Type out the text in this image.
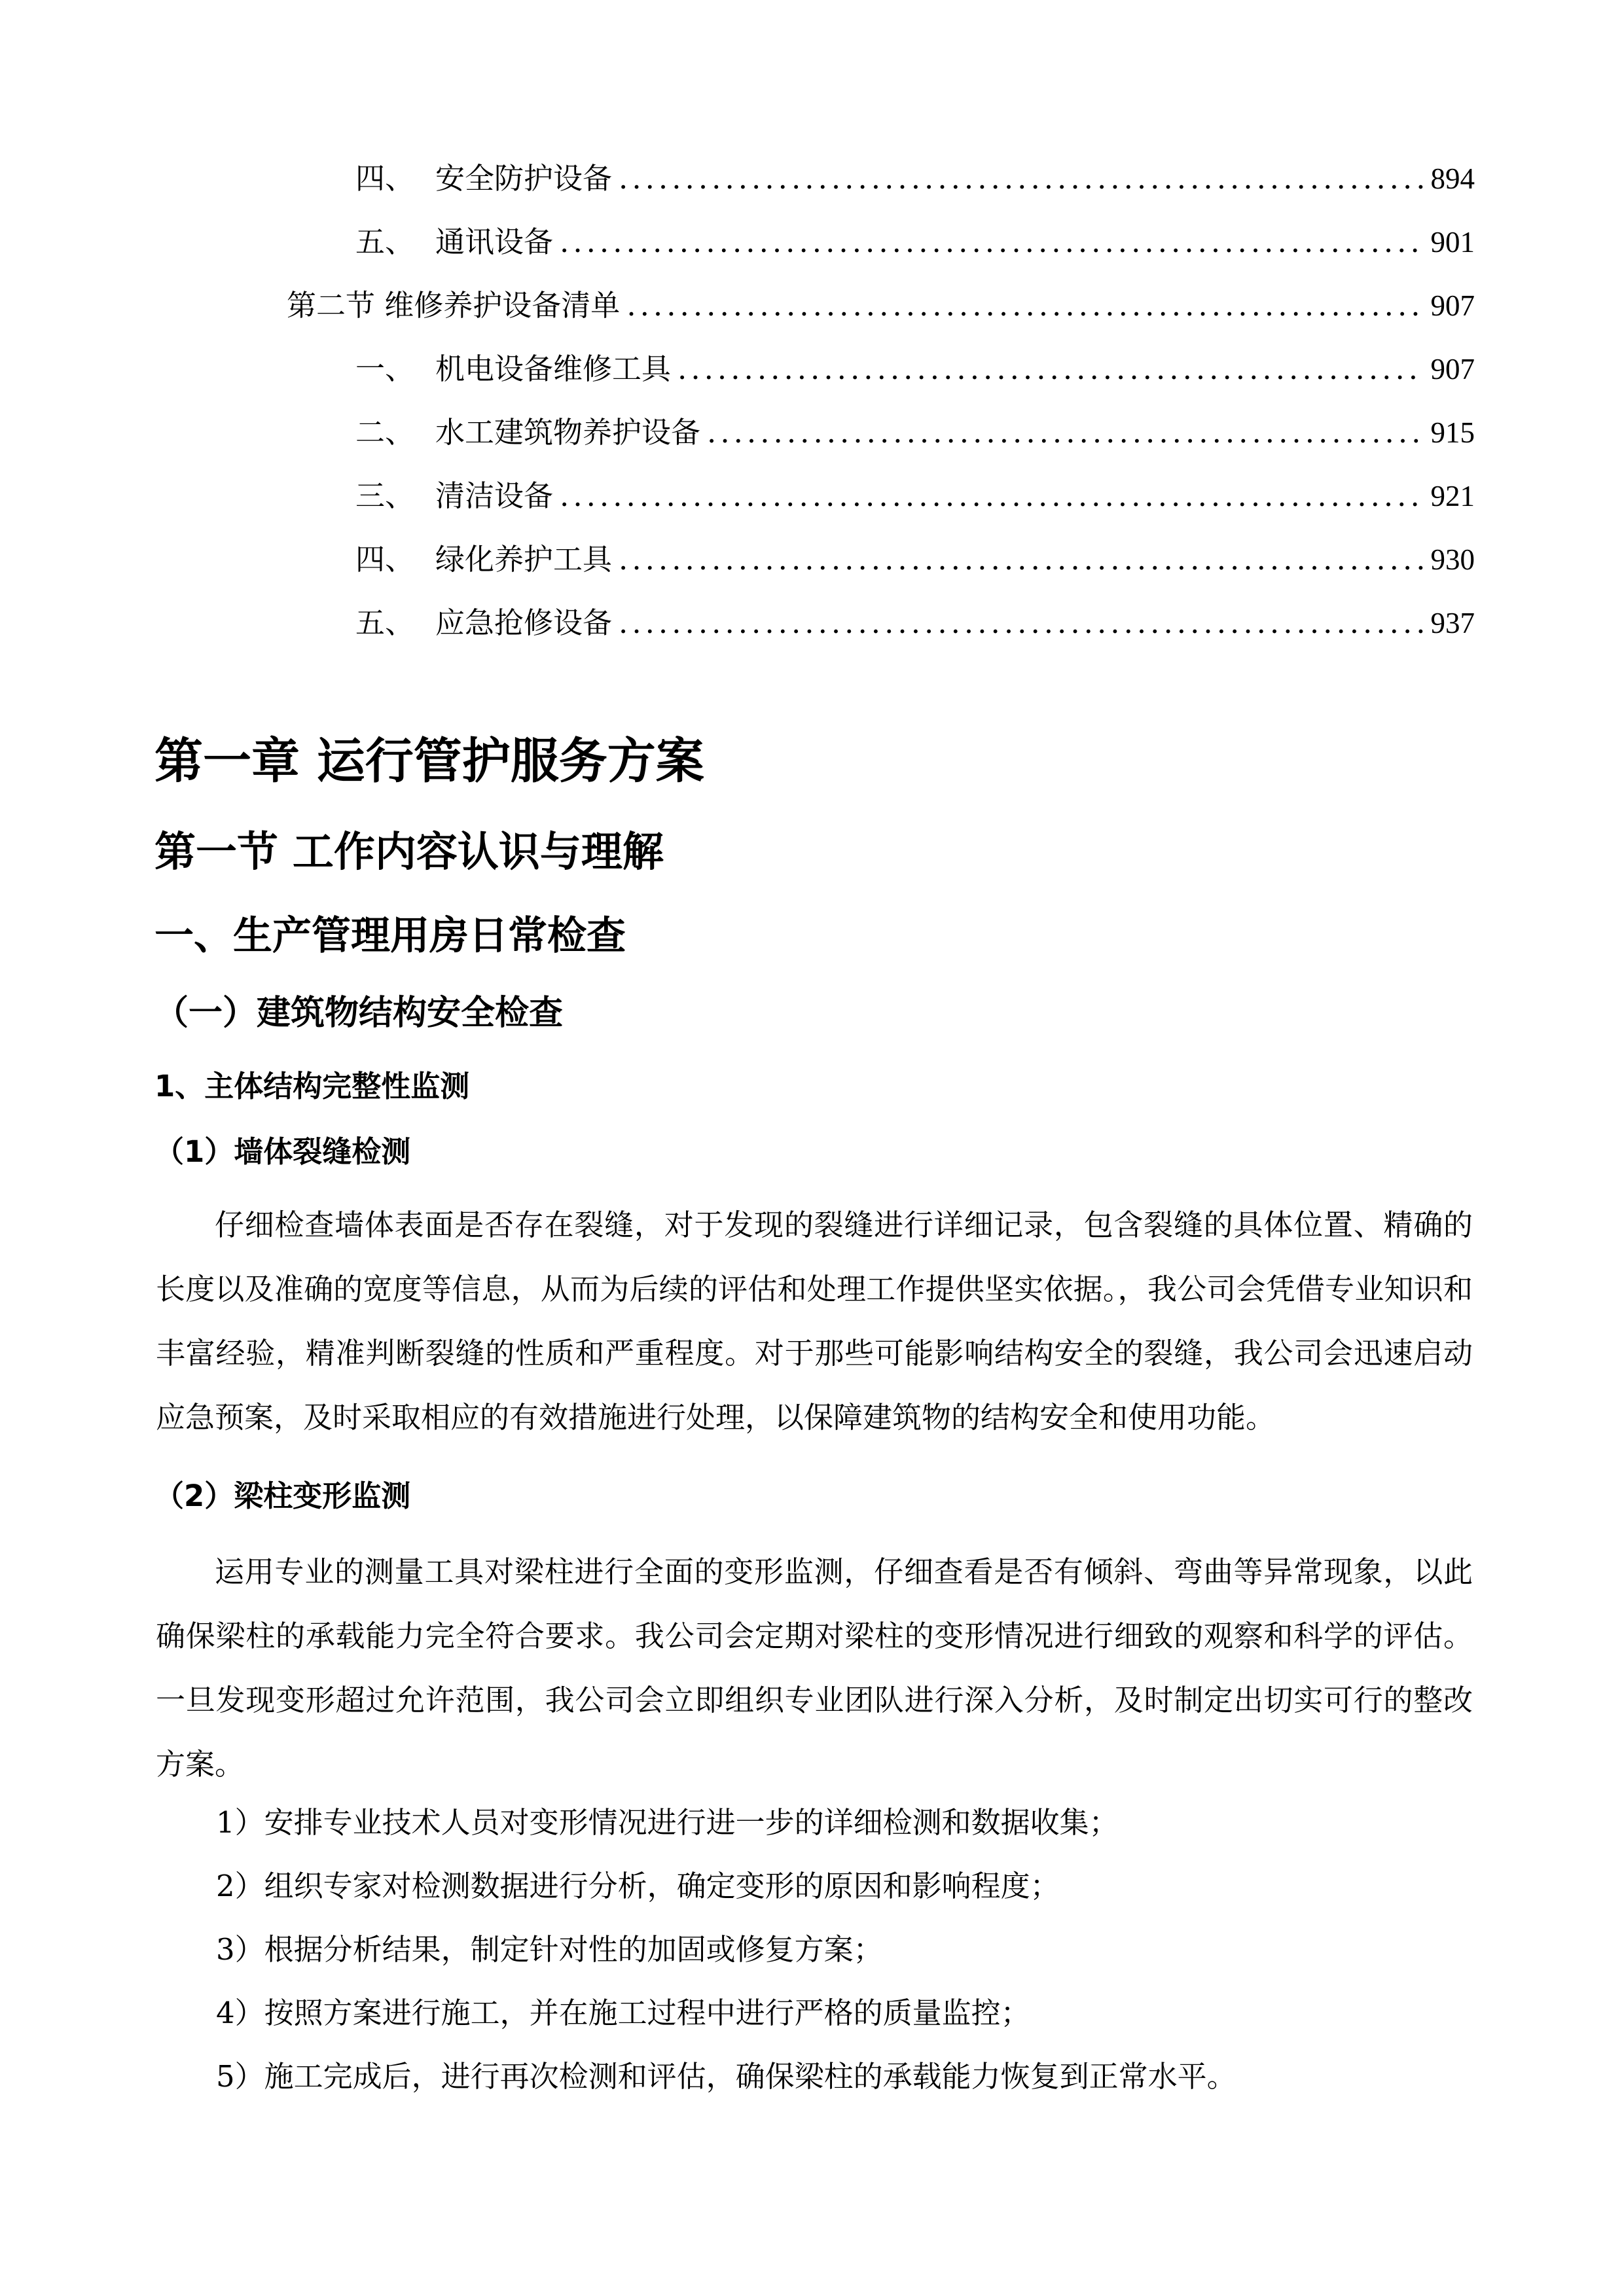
四、 安全防护设备 .....	894
五、 通讯设备 .....	901
第二节 维修养护设备清单 .....	907
一、 机电设备维修工具 .....	907
二、 水工建筑物养护设备 .....	915
三、 清洁设备 .....	921
四、 绿化养护工具 .....	930
五、 应急抢修设备 .....	937
第一章 运行管护服务方案
第一节 工作内容认识与理解
一、生产管理用房日常检查
（一）建筑物结构安全检查
1、主体结构完整性监测
（1）墙体裂缝检测

仔细检查墙体表面是否存在裂缝，对于发现的裂缝进行详细记录，包含裂缝的具体位置、精确的长度以及准确的宽度等信息，从而为后续的评估和处理工作提供坚实依据。，我公司会凭借专业知识和丰富经验，精准判断裂缝的性质和严重程度。对于那些可能影响结构安全的裂缝，我公司会迅速启动应急预案，及时采取相应的有效措施进行处理，以保障建筑物的结构安全和使用功能。

（2）梁柱变形监测

运用专业的测量工具对梁柱进行全面的变形监测，仔细查看是否有倾斜、弯曲等异常现象，以此确保梁柱的承载能力完全符合要求。我公司会定期对梁柱的变形情况进行细致的观察和科学的评估。一旦发现变形超过允许范围，我公司会立即组织专业团队进行深入分析，及时制定出切实可行的整改方案。

1）安排专业技术人员对变形情况进行进一步的详细检测和数据收集；
2）组织专家对检测数据进行分析，确定变形的原因和影响程度；
3）根据分析结果，制定针对性的加固或修复方案；
4）按照方案进行施工，并在施工过程中进行严格的质量监控；
5）施工完成后，进行再次检测和评估，确保梁柱的承载能力恢复到正常水平。
